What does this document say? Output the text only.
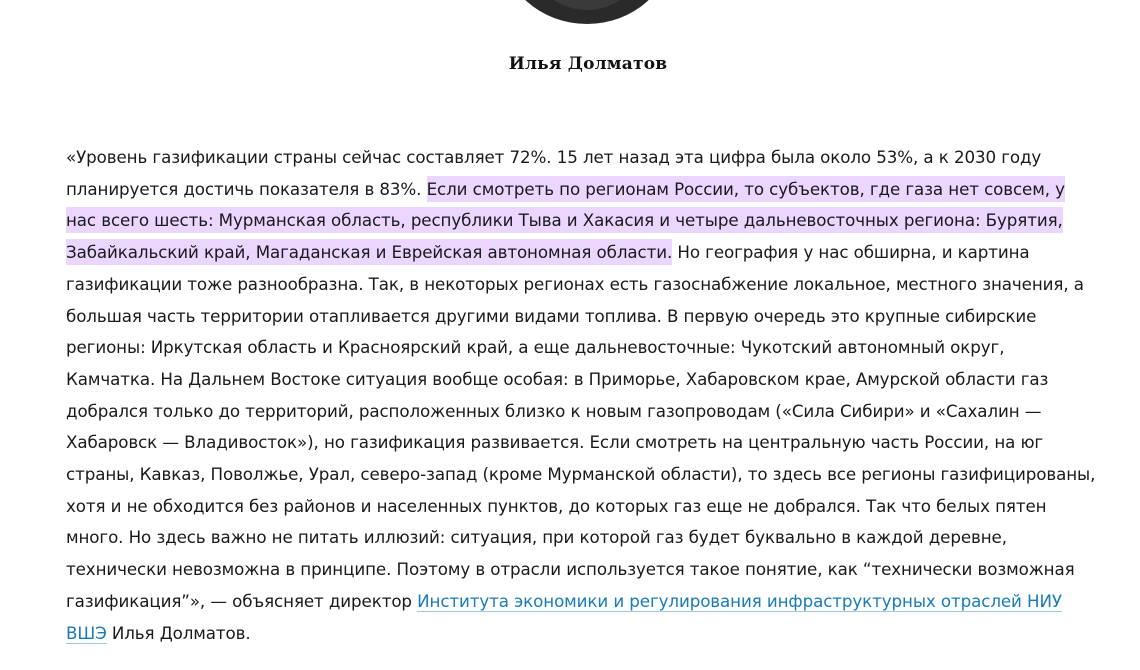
Илья Долматов

«Уровень газификации страны сейчас составляет 72%. 15 лет назад эта цифра была около 53%, а к 2030 году планируется достичь показателя в 83%. Если смотреть по регионам России, то субъектов, где газа нет совсем, у нас всего шесть: Мурманская область, республики Тыва и Хакасия и четыре дальневосточных региона: Бурятия, Забайкальский край, Магаданская и Еврейская автономная области. Но география у нас обширна, и картина газификации тоже разнообразна. Так, в некоторых регионах есть газоснабжение локальное, местного значения, а большая часть территории отапливается другими видами топлива. В первую очередь это крупные сибирские регионы: Иркутская область и Красноярский край, а еще дальневосточные: Чукотский автономный округ, Камчатка. На Дальнем Востоке ситуация вообще особая: в Приморье, Хабаровском крае, Амурской области газ добрался только до территорий, расположенных близко к новым газопроводам («Сила Сибири» и «Сахалин — Хабаровск — Владивосток»), но газификация развивается. Если смотреть на центральную часть России, на юг страны, Кавказ, Поволжье, Урал, северо-запад (кроме Мурманской области), то здесь все регионы газифицированы, хотя и не обходится без районов и населенных пунктов, до которых газ еще не добрался. Так что белых пятен много. Но здесь важно не питать иллюзий: ситуация, при которой газ будет буквально в каждой деревне, технически невозможна в принципе. Поэтому в отрасли используется такое понятие, как “технически возможная газификация”», — объясняет директор Института экономики и регулирования инфраструктурных отраслей НИУ ВШЭ Илья Долматов.
